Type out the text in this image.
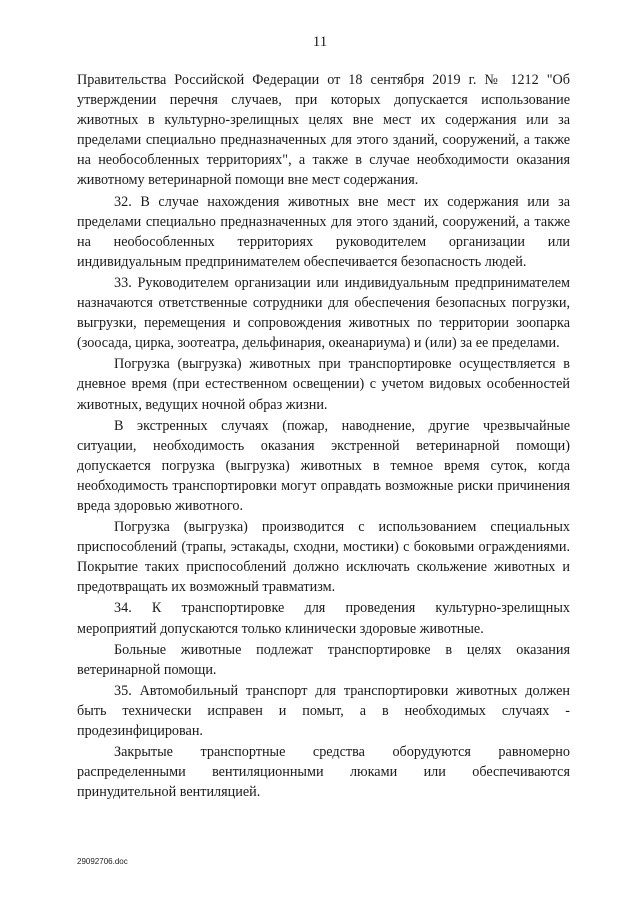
11

Правительства Российской Федерации от 18 сентября 2019 г. № 1212 "Об утверждении перечня случаев, при которых допускается использование животных в культурно-зрелищных целях вне мест их содержания или за пределами специально предназначенных для этого зданий, сооружений, а также на необособленных территориях", а также в случае необходимости оказания животному ветеринарной помощи вне мест содержания.

32. В случае нахождения животных вне мест их содержания или за пределами специально предназначенных для этого зданий, сооружений, а также на необособленных территориях руководителем организации или индивидуальным предпринимателем обеспечивается безопасность людей.

33. Руководителем организации или индивидуальным предпринимателем назначаются ответственные сотрудники для обеспечения безопасных погрузки, выгрузки, перемещения и сопровождения животных по территории зоопарка (зоосада, цирка, зоотеатра, дельфинария, океанариума) и (или) за ее пределами.

Погрузка (выгрузка) животных при транспортировке осуществляется в дневное время (при естественном освещении) с учетом видовых особенностей животных, ведущих ночной образ жизни.

В экстренных случаях (пожар, наводнение, другие чрезвычайные ситуации, необходимость оказания экстренной ветеринарной помощи) допускается погрузка (выгрузка) животных в темное время суток, когда необходимость транспортировки могут оправдать возможные риски причинения вреда здоровью животного.

Погрузка (выгрузка) производится с использованием специальных приспособлений (трапы, эстакады, сходни, мостики) с боковыми ограждениями. Покрытие таких приспособлений должно исключать скольжение животных и предотвращать их возможный травматизм.

34. К транспортировке для проведения культурно-зрелищных мероприятий допускаются только клинически здоровые животные.

Больные животные подлежат транспортировке в целях оказания ветеринарной помощи.

35. Автомобильный транспорт для транспортировки животных должен быть технически исправен и помыт, а в необходимых случаях - продезинфицирован.

Закрытые транспортные средства оборудуются равномерно распределенными вентиляционными люками или обеспечиваются принудительной вентиляцией.

29092706.doc
